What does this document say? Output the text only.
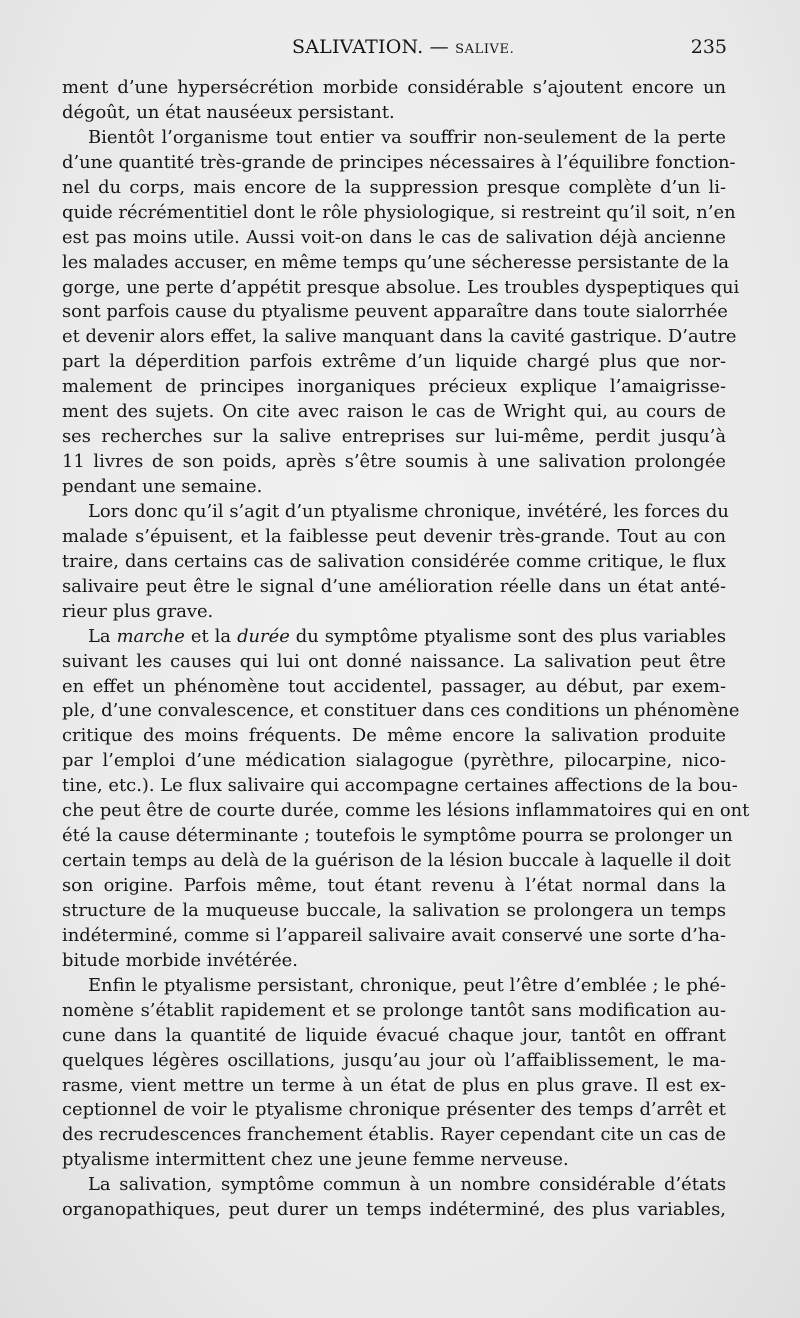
SALIVATION. — SALIVE.	235
ment d’une hypersécrétion morbide considérable s’ajoutent encore un
dégoût, un état nauséeux persistant.
Bientôt l’organisme tout entier va souffrir non-seulement de la perte
d’une quantité très-grande de principes nécessaires à l’équilibre fonction-
nel du corps, mais encore de la suppression presque complète d’un li-
quide récrémentitiel dont le rôle physiologique, si restreint qu’il soit, n’en
est pas moins utile. Aussi voit-on dans le cas de salivation déjà ancienne
les malades accuser, en même temps qu’une sécheresse persistante de la
gorge, une perte d’appétit presque absolue. Les troubles dyspeptiques qui
sont parfois cause du ptyalisme peuvent apparaître dans toute sialorrhée
et devenir alors effet, la salive manquant dans la cavité gastrique. D’autre
part la déperdition parfois extrême d’un liquide chargé plus que nor-
malement de principes inorganiques précieux explique l’amaigrisse-
ment des sujets. On cite avec raison le cas de Wright qui, au cours de
ses recherches sur la salive entreprises sur lui-même, perdit jusqu’à
11 livres de son poids, après s’être soumis à une salivation prolongée
pendant une semaine.
Lors donc qu’il s’agit d’un ptyalisme chronique, invétéré, les forces du
malade s’épuisent, et la faiblesse peut devenir très-grande. Tout au con
traire, dans certains cas de salivation considérée comme critique, le flux
salivaire peut être le signal d’une amélioration réelle dans un état anté-
rieur plus grave.
La marche et la durée du symptôme ptyalisme sont des plus variables
suivant les causes qui lui ont donné naissance. La salivation peut être
en effet un phénomène tout accidentel, passager, au début, par exem-
ple, d’une convalescence, et constituer dans ces conditions un phénomène
critique des moins fréquents. De même encore la salivation produite
par l’emploi d’une médication sialagogue (pyrèthre, pilocarpine, nico-
tine, etc.). Le flux salivaire qui accompagne certaines affections de la bou-
che peut être de courte durée, comme les lésions inflammatoires qui en ont
été la cause déterminante ; toutefois le symptôme pourra se prolonger un
certain temps au delà de la guérison de la lésion buccale à laquelle il doit
son origine. Parfois même, tout étant revenu à l’état normal dans la
structure de la muqueuse buccale, la salivation se prolongera un temps
indéterminé, comme si l’appareil salivaire avait conservé une sorte d’ha-
bitude morbide invétérée.
Enfin le ptyalisme persistant, chronique, peut l’être d’emblée ; le phé-
nomène s’établit rapidement et se prolonge tantôt sans modification au-
cune dans la quantité de liquide évacué chaque jour, tantôt en offrant
quelques légères oscillations, jusqu’au jour où l’affaiblissement, le ma-
rasme, vient mettre un terme à un état de plus en plus grave. Il est ex-
ceptionnel de voir le ptyalisme chronique présenter des temps d’arrêt et
des recrudescences franchement établis. Rayer cependant cite un cas de
ptyalisme intermittent chez une jeune femme nerveuse.
La salivation, symptôme commun à un nombre considérable d’états
organopathiques, peut durer un temps indéterminé, des plus variables,
